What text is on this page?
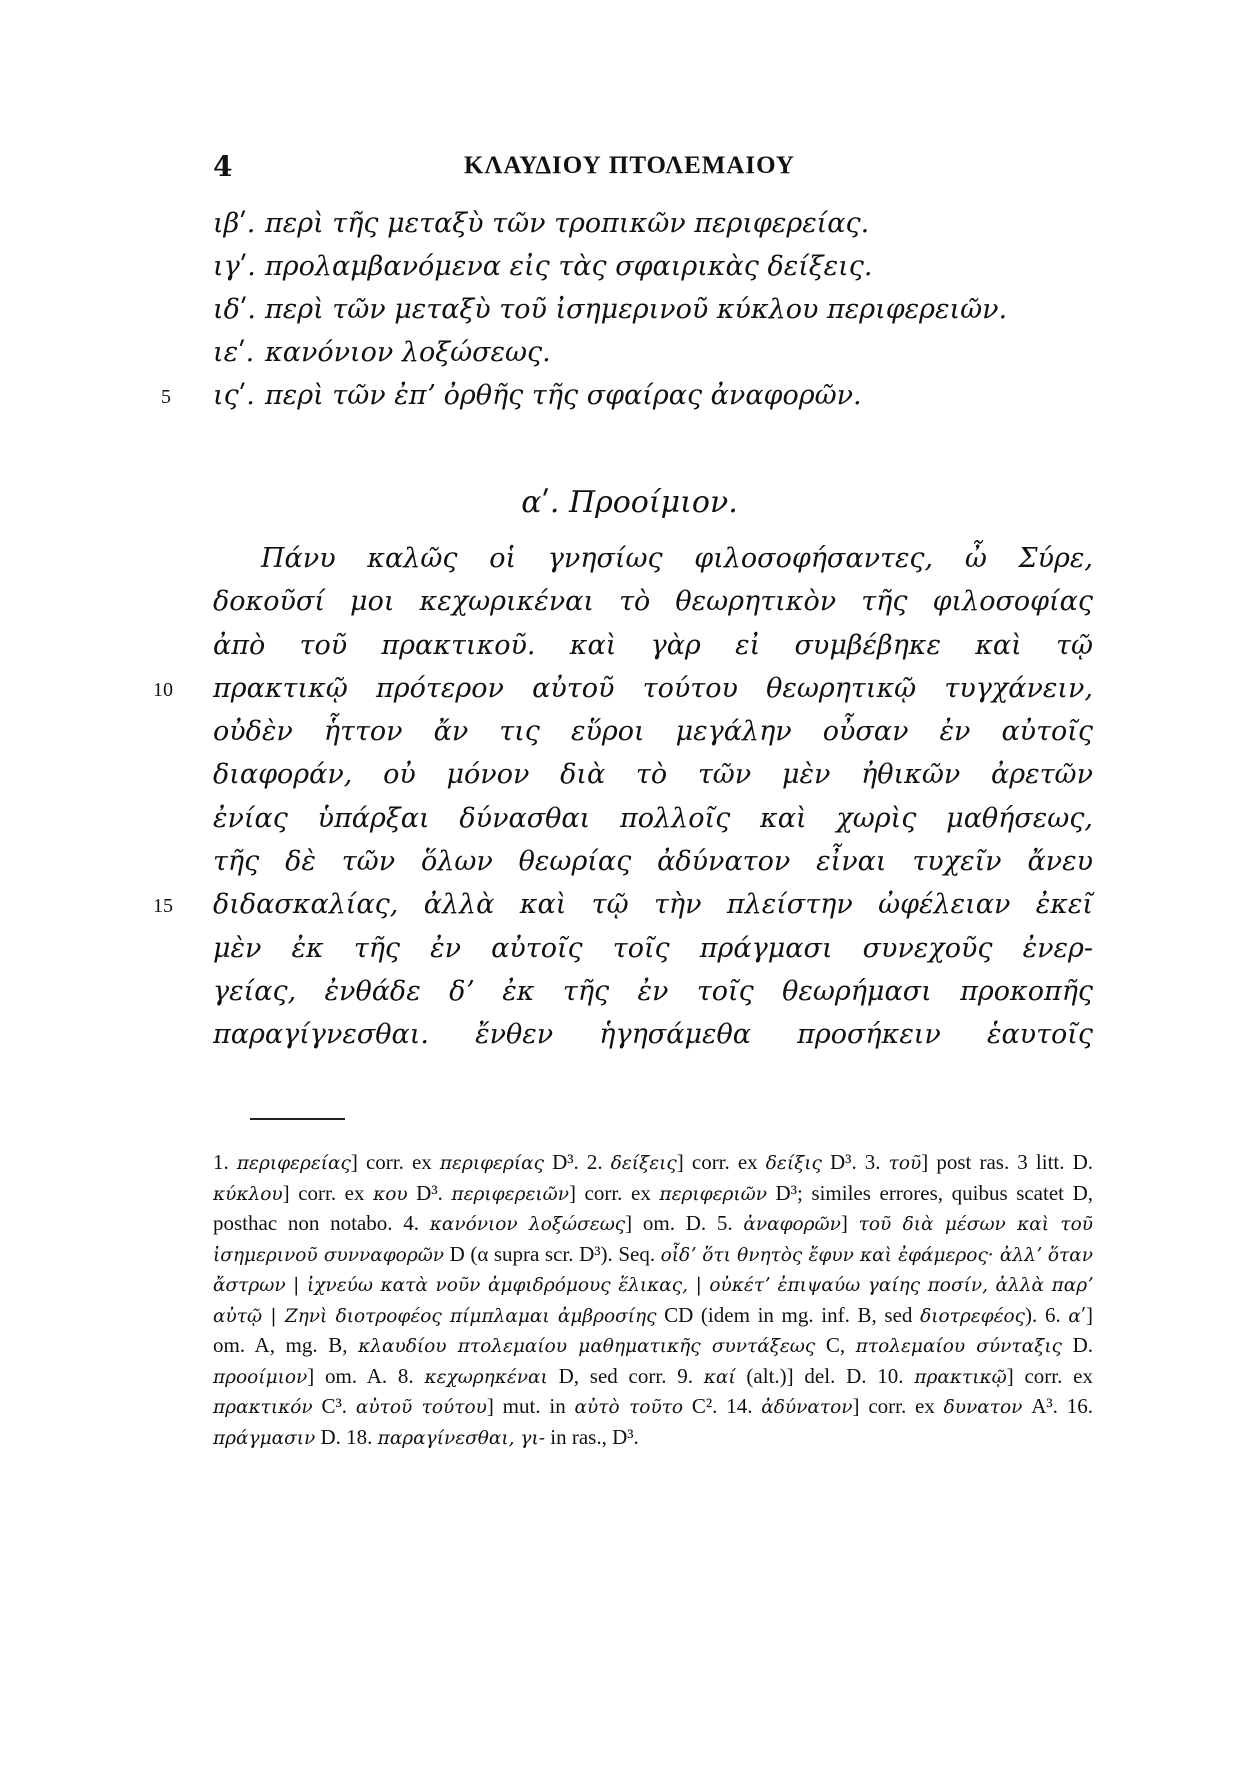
4	ΚΛΑΥΔΙΟΥ ΠΤΟΛΕΜΑΙΟΥ
ιβʹ. περὶ τῆς μεταξὺ τῶν τροπικῶν περιφερείας.
ιγʹ. προλαμβανόμενα εἰς τὰς σφαιρικὰς δείξεις.
ιδʹ. περὶ τῶν μεταξὺ τοῦ ἰσημερινοῦ κύκλου περιφερειῶν.
ιεʹ. κανόνιον λοξώσεως.
5 ιςʹ. περὶ τῶν ἐπʼ ὀρθῆς τῆς σφαίρας ἀναφορῶν.
αʹ. Προοίμιον.
Πάνυ καλῶς οἱ γνησίως φιλοσοφήσαντες, ὦ Σύρε,
δοκοῦσί μοι κεχωρικέναι τὸ θεωρητικὸν τῆς φιλοσοφίας
ἀπὸ τοῦ πρακτικοῦ. καὶ γὰρ εἰ συμβέβηκε καὶ τῷ
10 πρακτικῷ πρότερον αὐτοῦ τούτου θεωρητικῷ τυγχάνειν,
οὐδὲν ἧττον ἄν τις εὕροι μεγάλην οὖσαν ἐν αὐτοῖς
διαφοράν, οὐ μόνον διὰ τὸ τῶν μὲν ἠθικῶν ἀρετῶν
ἐνίας ὑπάρξαι δύνασθαι πολλοῖς καὶ χωρὶς μαθήσεως,
τῆς δὲ τῶν ὅλων θεωρίας ἀδύνατον εἶναι τυχεῖν ἄνευ
15 διδασκαλίας, ἀλλὰ καὶ τῷ τὴν πλείστην ὠφέλειαν ἐκεῖ
μὲν ἐκ τῆς ἐν αὐτοῖς τοῖς πράγμασι συνεχοῦς ἐνερ-
γείας, ἐνθάδε δʼ ἐκ τῆς ἐν τοῖς θεωρήμασι προκοπῆς
παραγίγνεσθαι. ἔνθεν ἡγησάμεθα προσήκειν ἑαυτοῖς
1. περιφερείας] corr. ex περιφερίας D³. 2. δείξεις] corr. ex δείξις D³. 3. τοῦ] post ras. 3 litt. D. κύκλου] corr. ex κου D³. περιφερειῶν] corr. ex περιφεριῶν D³; similes errores, quibus scatet D, posthac non notabo. 4. κανόνιον λοξώσεως] om. D. 5. ἀναφορῶν] τοῦ διὰ μέσων καὶ τοῦ ἰσημερινοῦ συνναφορῶν D (α supra scr. D³). Seq. οἶδʼ ὅτι θνητὸς ἔφυν καὶ ἐφάμερος· ἀλλʼ ὅταν ἄστρων | ἰχνεύω κατὰ νοῦν ἀμφιδρόμους ἕλικας, | οὐκέτʼ ἐπιψαύω γαίης ποσίν, ἀλλὰ παρʼ αὐτῷ | Ζηνὶ διοτροφέος πίμπλαμαι ἀμβροσίης CD (idem in mg. inf. B, sed διοτρεφέος). 6. αʹ] om. A, mg. B, κλαυδίου πτολεμαίου μαθηματικῆς συντάξεως C, πτολεμαίου σύνταξις D. προοίμιον] om. A. 8. κεχωρηκέναι D, sed corr. 9. καί (alt.)] del. D. 10. πρακτικῷ] corr. ex πρακτικόν C³. αὐτοῦ τούτου] mut. in αὐτὸ τοῦτο C². 14. ἀδύνατον] corr. ex δυνατον A³. 16. πράγμασιν D. 18. παραγίνεσθαι, γι- in ras., D³.
